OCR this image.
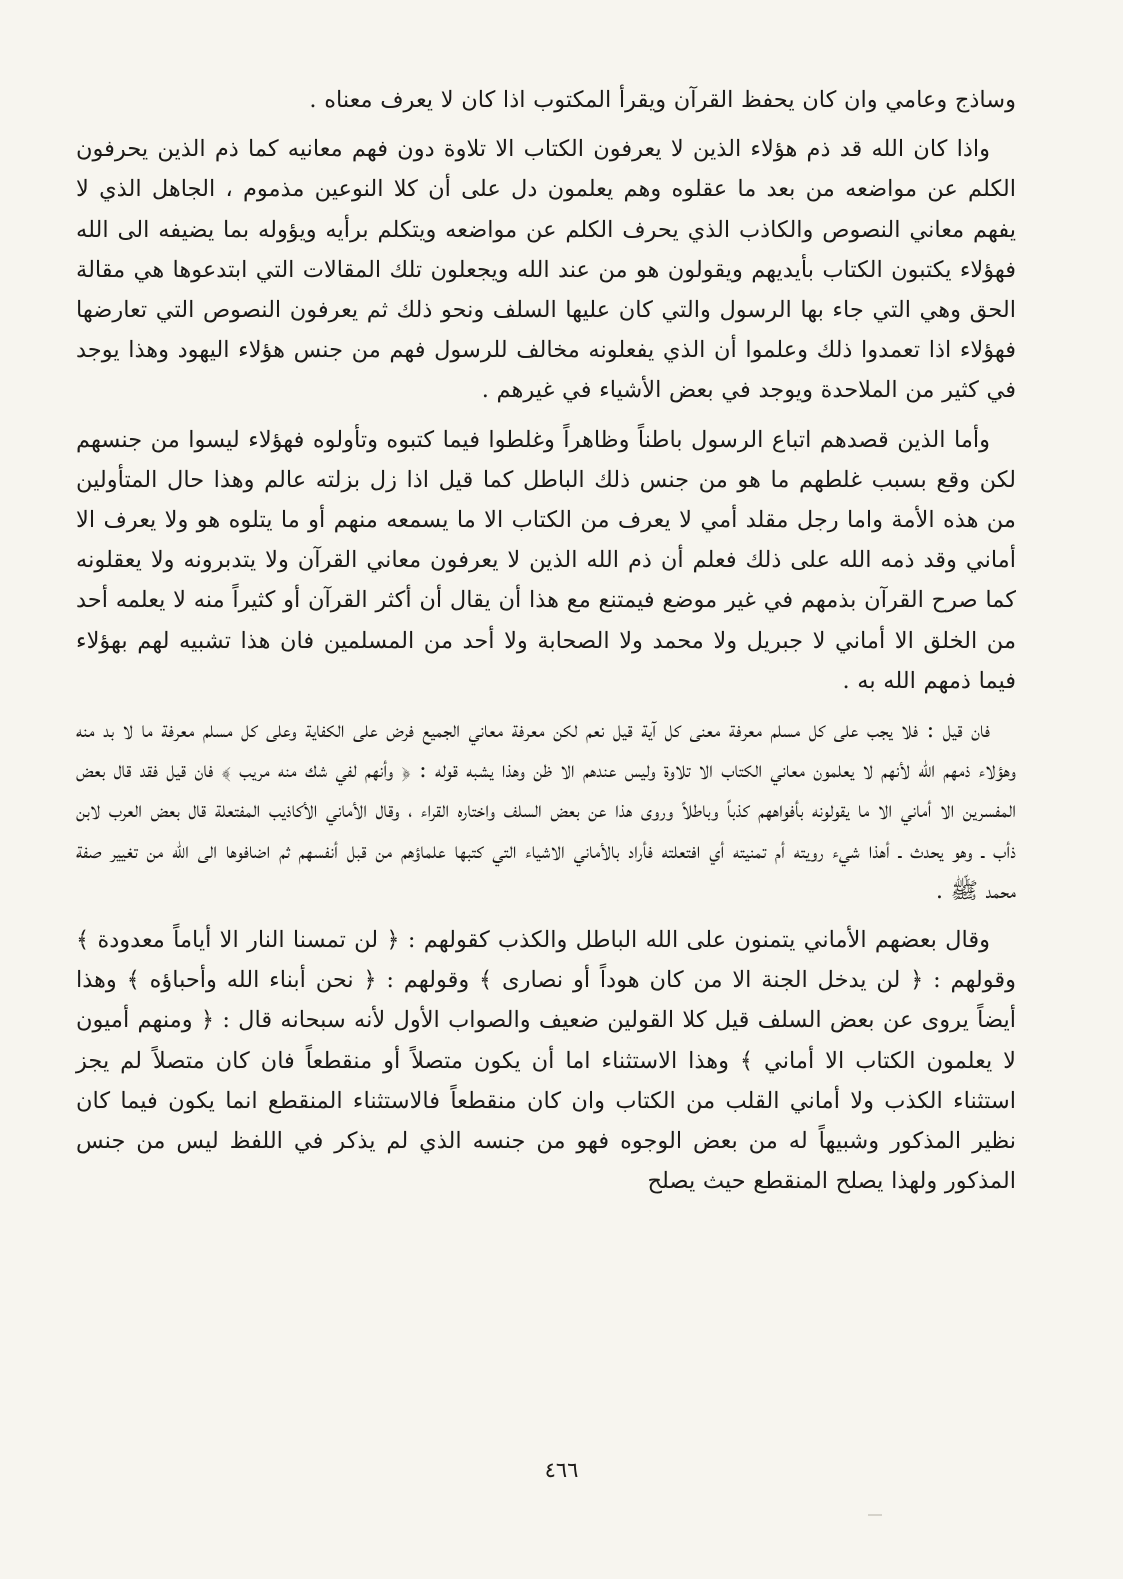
وساذج وعامي وان كان يحفظ القرآن ويقرأ المكتوب اذا كان لا يعرف معناه .

واذا كان الله قد ذم هؤلاء الذين لا يعرفون الكتاب الا تلاوة دون فهم معانيه كما ذم الذين يحرفون الكلم عن مواضعه من بعد ما عقلوه وهم يعلمون دل على أن كلا النوعين مذموم ، الجاهل الذي لا يفهم معاني النصوص والكاذب الذي يحرف الكلم عن مواضعه ويتكلم برأيه ويؤوله بما يضيفه الى الله فهؤلاء يكتبون الكتاب بأيديهم ويقولون هو من عند الله ويجعلون تلك المقالات التي ابتدعوها هي مقالة الحق وهي التي جاء بها الرسول والتي كان عليها السلف ونحو ذلك ثم يعرفون النصوص التي تعارضها فهؤلاء اذا تعمدوا ذلك وعلموا أن الذي يفعلونه مخالف للرسول فهم من جنس هؤلاء اليهود وهذا يوجد في كثير من الملاحدة ويوجد في بعض الأشياء في غيرهم .

وأما الذين قصدهم اتباع الرسول باطناً وظاهراً وغلطوا فيما كتبوه وتأولوه فهؤلاء ليسوا من جنسهم لكن وقع بسبب غلطهم ما هو من جنس ذلك الباطل كما قيل اذا زل بزلته عالم وهذا حال المتأولين من هذه الأمة واما رجل مقلد أمي لا يعرف من الكتاب الا ما يسمعه منهم أو ما يتلوه هو ولا يعرف الا أماني وقد ذمه الله على ذلك فعلم أن ذم الله الذين لا يعرفون معاني القرآن ولا يتدبرونه ولا يعقلونه كما صرح القرآن بذمهم في غير موضع فيمتنع مع هذا أن يقال أن أكثر القرآن أو كثيراً منه لا يعلمه أحد من الخلق الا أماني لا جبريل ولا محمد ولا الصحابة ولا أحد من المسلمين فان هذا تشبيه لهم بهؤلاء فيما ذمهم الله به .

فان قيل : فلا يجب على كل مسلم معرفة معنى كل آية قيل نعم لكن معرفة معاني الجميع فرض على الكفاية وعلى كل مسلم معرفة ما لا بد منه وهؤلاء ذمهم الله لأنهم لا يعلمون معاني الكتاب الا تلاوة وليس عندهم الا ظن وهذا يشبه قوله : ﴿ وأنهم لفي شك منه مريب ﴾ فان قيل فقد قال بعض المفسرين الا أماني الا ما يقولونه بأفواههم كذباً وباطلاً وروى هذا عن بعض السلف واختاره القراء ، وقال الأماني الأكاذيب المفتعلة قال بعض العرب لابن ذأب ـ وهو يحدث ـ أهذا شيء رويته أم تمنيته أي افتعلته فأراد بالأماني الاشياء التي كتبها علماؤهم من قبل أنفسهم ثم اضافوها الى الله من تغيير صفة محمد ﷺ .

وقال بعضهم الأماني يتمنون على الله الباطل والكذب كقولهم : ﴿ لن تمسنا النار الا أياماً معدودة ﴾ وقولهم : ﴿ لن يدخل الجنة الا من كان هوداً أو نصارى ﴾ وقولهم : ﴿ نحن أبناء الله وأحباؤه ﴾ وهذا أيضاً يروى عن بعض السلف قيل كلا القولين ضعيف والصواب الأول لأنه سبحانه قال : ﴿ ومنهم أميون لا يعلمون الكتاب الا أماني ﴾ وهذا الاستثناء اما أن يكون متصلاً أو منقطعاً فان كان متصلاً لم يجز استثناء الكذب ولا أماني القلب من الكتاب وان كان منقطعاً فالاستثناء المنقطع انما يكون فيما كان نظير المذكور وشبيهاً له من بعض الوجوه فهو من جنسه الذي لم يذكر في اللفظ ليس من جنس المذكور ولهذا يصلح المنقطع حيث يصلح

٤٦٦
